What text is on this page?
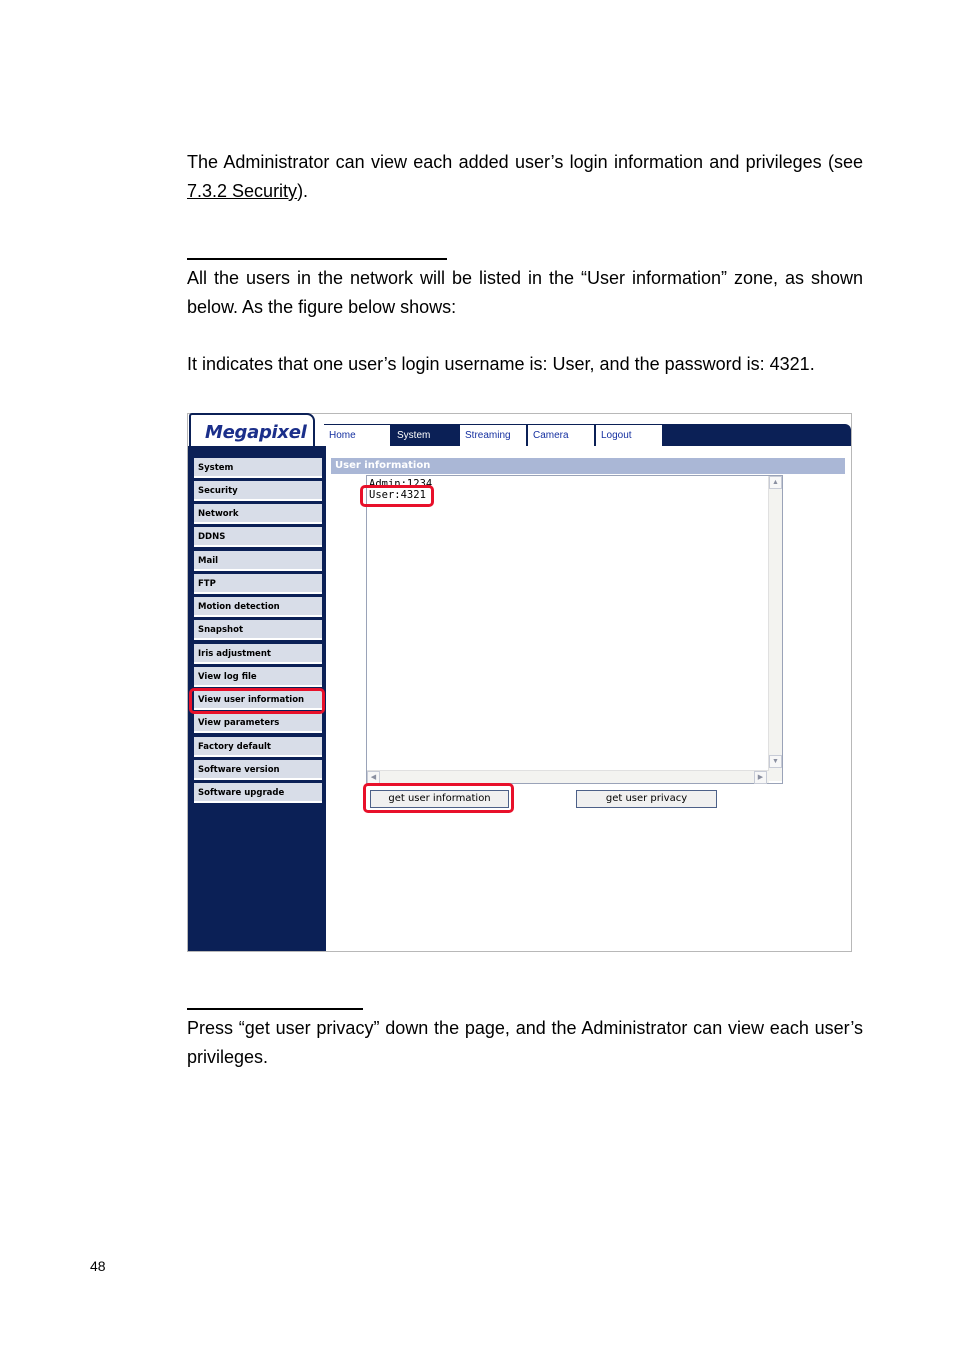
The Administrator can view each added user’s login information and privileges (see 7.3.2 Security).

All the users in the network will be listed in the “User information” zone, as shown below. As the figure below shows:

It indicates that one user’s login username is: User, and the password is: 4321.

Megapixel	Home	System	Streaming	Camera	Logout
System
Security
Network
DDNS
Mail
FTP
Motion detection
Snapshot
Iris adjustment
View log file
View user information
View parameters
Factory default
Software version
Software upgrade
User information
Admin:1234
User:4321
▲
▼
◀	▶
get user information	get user privacy

Press “get user privacy” down the page, and the Administrator can view each user’s privileges.

48
